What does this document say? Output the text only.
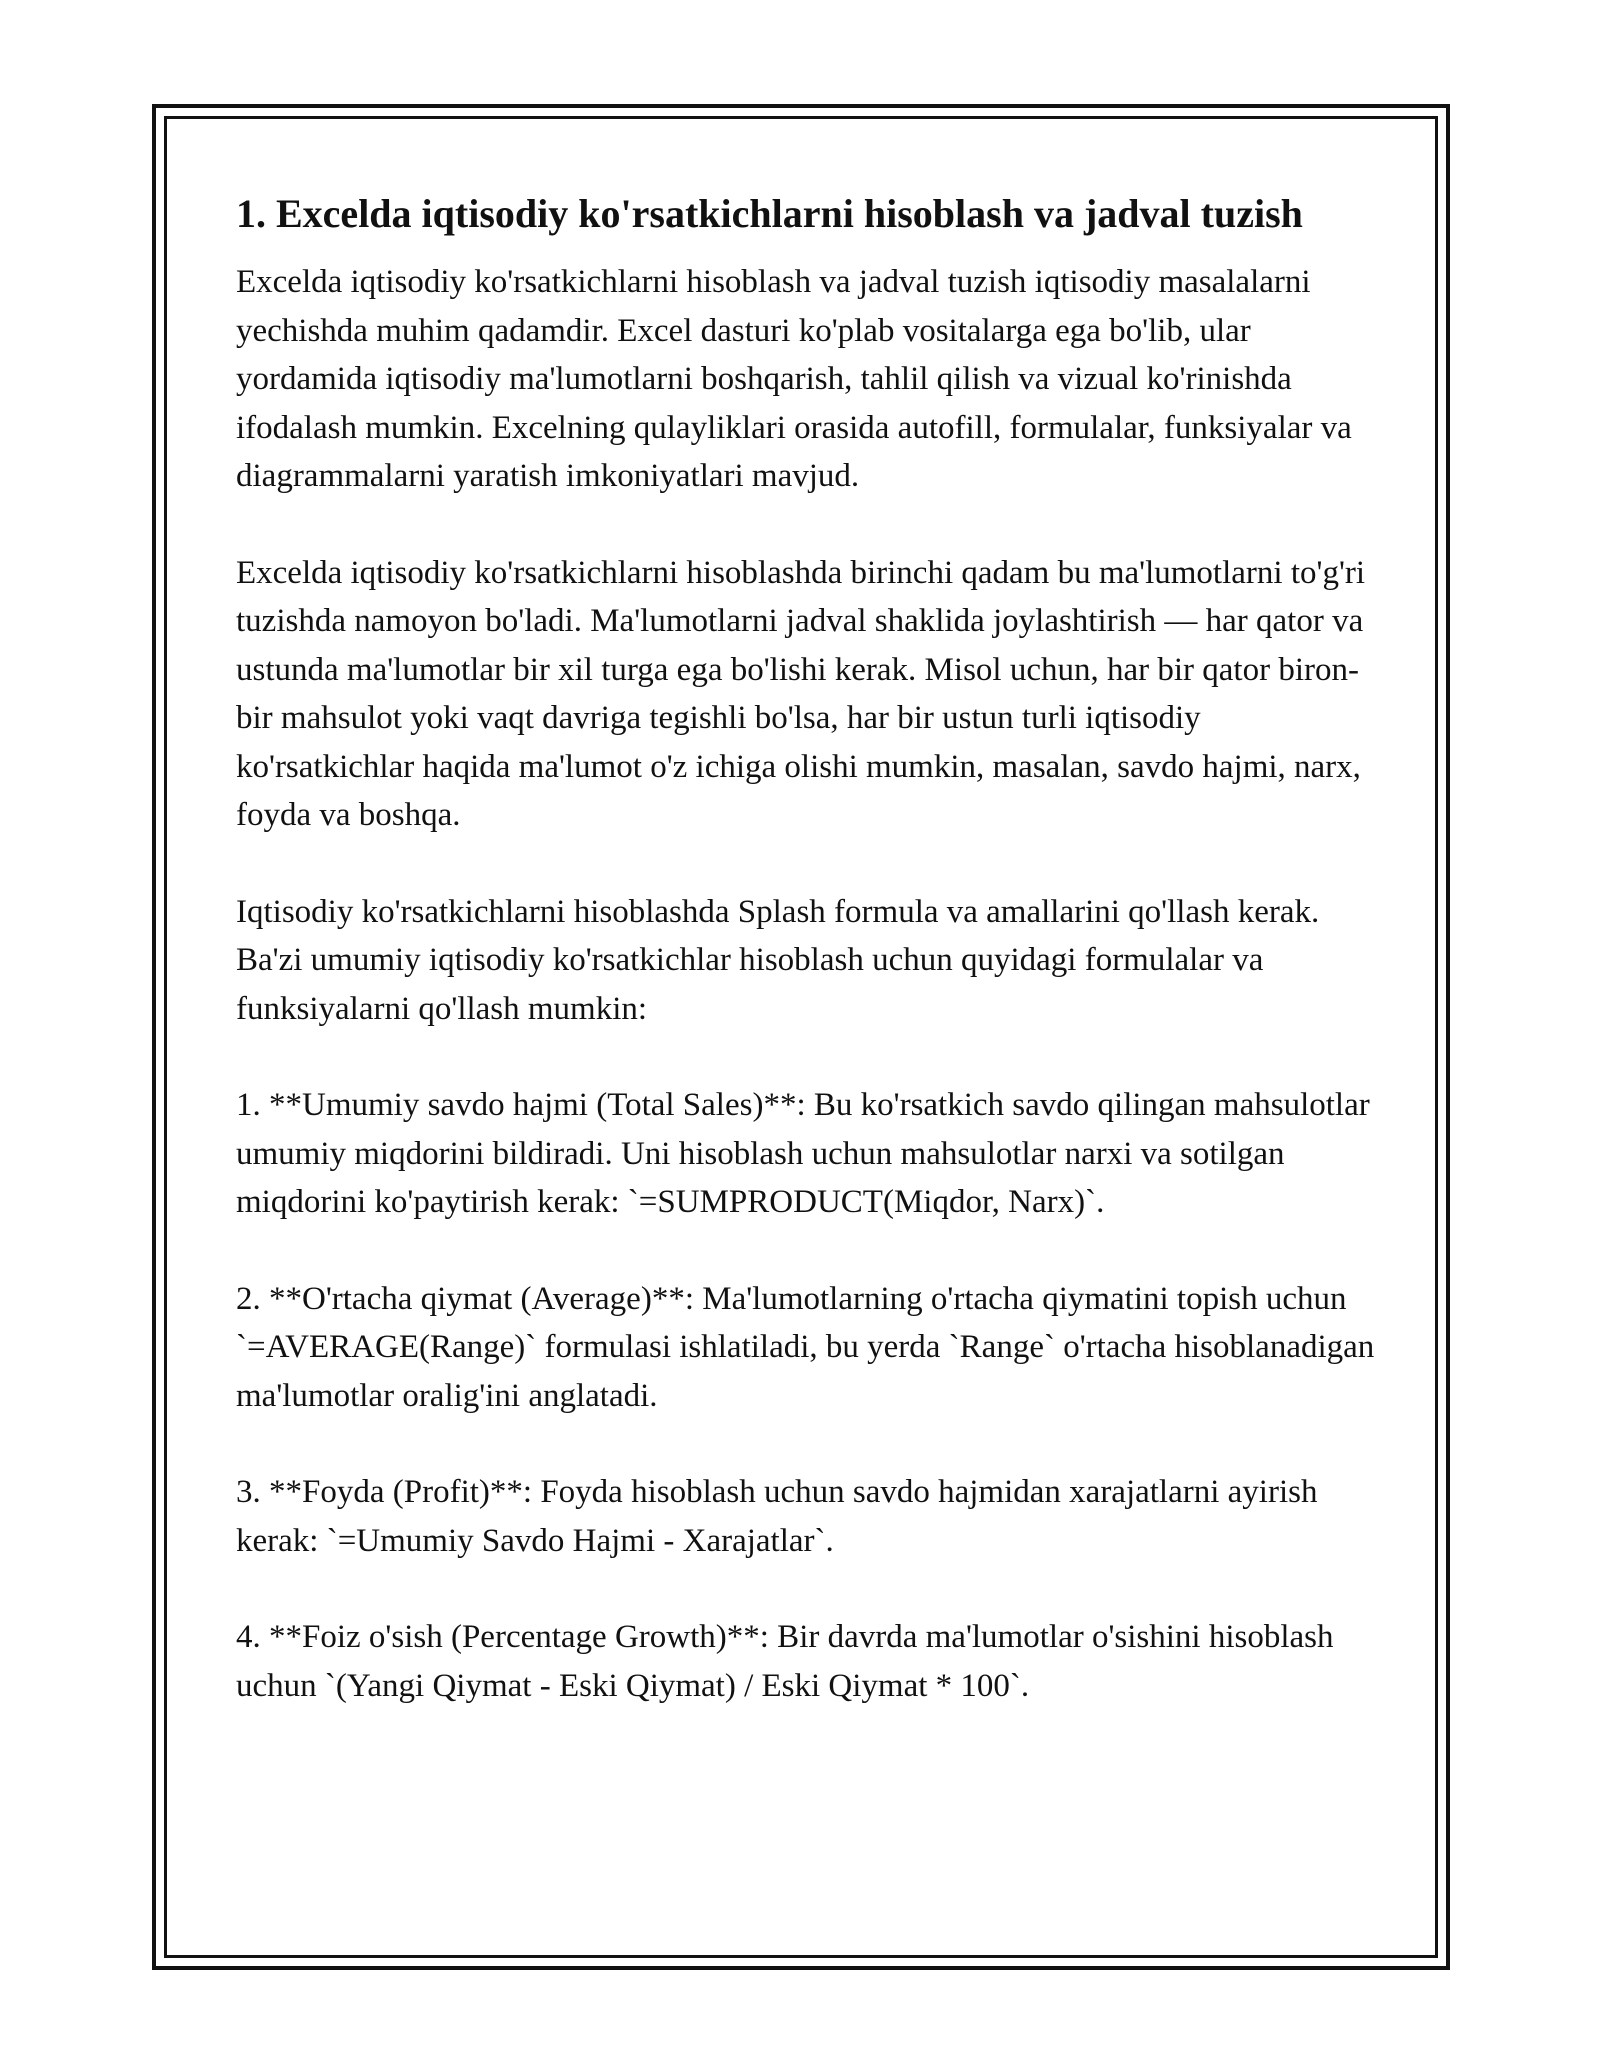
1. Excelda iqtisodiy ko'rsatkichlarni hisoblash va jadval tuzish

Excelda iqtisodiy ko'rsatkichlarni hisoblash va jadval tuzish iqtisodiy masalalarni yechishda muhim qadamdir. Excel dasturi ko'plab vositalarga ega bo'lib, ular yordamida iqtisodiy ma'lumotlarni boshqarish, tahlil qilish va vizual ko'rinishda ifodalash mumkin. Excelning qulayliklari orasida autofill, formulalar, funksiyalar va diagrammalarni yaratish imkoniyatlari mavjud.

Excelda iqtisodiy ko'rsatkichlarni hisoblashda birinchi qadam bu ma'lumotlarni to'g'ri tuzishda namoyon bo'ladi. Ma'lumotlarni jadval shaklida joylashtirish — har qator va ustunda ma'lumotlar bir xil turga ega bo'lishi kerak. Misol uchun, har bir qator biron-bir mahsulot yoki vaqt davriga tegishli bo'lsa, har bir ustun turli iqtisodiy ko'rsatkichlar haqida ma'lumot o'z ichiga olishi mumkin, masalan, savdo hajmi, narx, foyda va boshqa.

Iqtisodiy ko'rsatkichlarni hisoblashda Splash formula va amallarini qo'llash kerak. Ba'zi umumiy iqtisodiy ko'rsatkichlar hisoblash uchun quyidagi formulalar va funksiyalarni qo'llash mumkin:

1. **Umumiy savdo hajmi (Total Sales)**: Bu ko'rsatkich savdo qilingan mahsulotlar umumiy miqdorini bildiradi. Uni hisoblash uchun mahsulotlar narxi va sotilgan miqdorini ko'paytirish kerak: `=SUMPRODUCT(Miqdor, Narx)`.

2. **O'rtacha qiymat (Average)**: Ma'lumotlarning o'rtacha qiymatini topish uchun `=AVERAGE(Range)` formulasi ishlatiladi, bu yerda `Range` o'rtacha hisoblanadigan ma'lumotlar oralig'ini anglatadi.

3. **Foyda (Profit)**: Foyda hisoblash uchun savdo hajmidan xarajatlarni ayirish kerak: `=Umumiy Savdo Hajmi - Xarajatlar`.

4. **Foiz o'sish (Percentage Growth)**: Bir davrda ma'lumotlar o'sishini hisoblash uchun `(Yangi Qiymat - Eski Qiymat) / Eski Qiymat * 100`.
